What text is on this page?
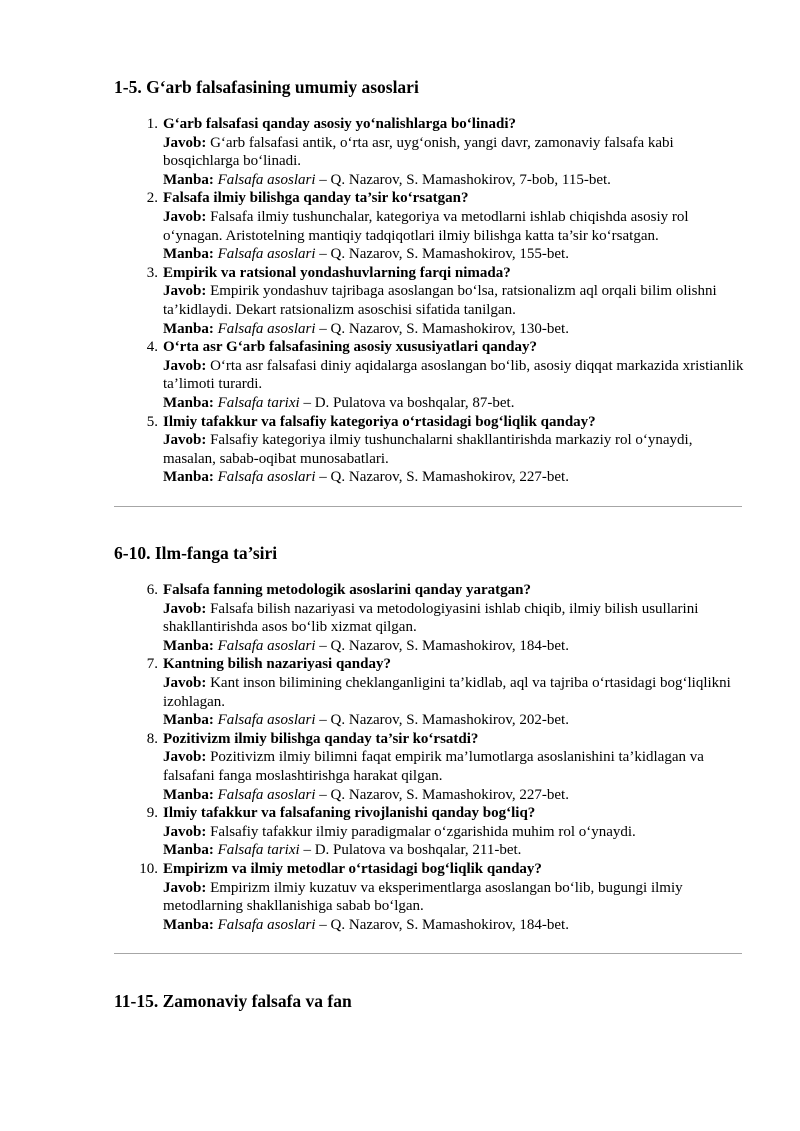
1-5. G‘arb falsafasining umumiy asoslari
1. G‘arb falsafasi qanday asosiy yo‘nalishlarga bo‘linadi?
Javob: G‘arb falsafasi antik, o‘rta asr, uyg‘onish, yangi davr, zamonaviy falsafa kabi bosqichlarga bo‘linadi.
Manba: Falsafa asoslari – Q. Nazarov, S. Mamashokirov, 7-bob, 115-bet.
2. Falsafa ilmiy bilishga qanday ta’sir ko‘rsatgan?
Javob: Falsafa ilmiy tushunchalar, kategoriya va metodlarni ishlab chiqishda asosiy rol o‘ynagan. Aristotelning mantiqiy tadqiqotlari ilmiy bilishga katta ta’sir ko‘rsatgan.
Manba: Falsafa asoslari – Q. Nazarov, S. Mamashokirov, 155-bet.
3. Empirik va ratsional yondashuvlarning farqi nimada?
Javob: Empirik yondashuv tajribaga asoslangan bo‘lsa, ratsionalizm aql orqali bilim olishni ta’kidlaydi. Dekart ratsionalizm asoschisi sifatida tanilgan.
Manba: Falsafa asoslari – Q. Nazarov, S. Mamashokirov, 130-bet.
4. O‘rta asr G‘arb falsafasining asosiy xususiyatlari qanday?
Javob: O‘rta asr falsafasi diniy aqidalarga asoslangan bo‘lib, asosiy diqqat markazida xristianlik ta’limoti turardi.
Manba: Falsafa tarixi – D. Pulatova va boshqalar, 87-bet.
5. Ilmiy tafakkur va falsafiy kategoriya o‘rtasidagi bog‘liqlik qanday?
Javob: Falsafiy kategoriya ilmiy tushunchalarni shakllantirishda markaziy rol o‘ynaydi, masalan, sabab-oqibat munosabatlari.
Manba: Falsafa asoslari – Q. Nazarov, S. Mamashokirov, 227-bet.
6-10. Ilm-fanga ta’siri
6. Falsafa fanning metodologik asoslarini qanday yaratgan?
Javob: Falsafa bilish nazariyasi va metodologiyasini ishlab chiqib, ilmiy bilish usullarini shakllantirishda asos bo‘lib xizmat qilgan.
Manba: Falsafa asoslari – Q. Nazarov, S. Mamashokirov, 184-bet.
7. Kantning bilish nazariyasi qanday?
Javob: Kant inson bilimining cheklanganligini ta’kidlab, aql va tajriba o‘rtasidagi bog‘liqlikni izohlagan.
Manba: Falsafa asoslari – Q. Nazarov, S. Mamashokirov, 202-bet.
8. Pozitivizm ilmiy bilishga qanday ta’sir ko‘rsatdi?
Javob: Pozitivizm ilmiy bilimni faqat empirik ma’lumotlarga asoslanishini ta’kidlagan va falsafani fanga moslashtirishga harakat qilgan.
Manba: Falsafa asoslari – Q. Nazarov, S. Mamashokirov, 227-bet.
9. Ilmiy tafakkur va falsafaning rivojlanishi qanday bog‘liq?
Javob: Falsafiy tafakkur ilmiy paradigmalar o‘zgarishida muhim rol o‘ynaydi.
Manba: Falsafa tarixi – D. Pulatova va boshqalar, 211-bet.
10. Empirizm va ilmiy metodlar o‘rtasidagi bog‘liqlik qanday?
Javob: Empirizm ilmiy kuzatuv va eksperimentlarga asoslangan bo‘lib, bugungi ilmiy metodlarning shakllanishiga sabab bo‘lgan.
Manba: Falsafa asoslari – Q. Nazarov, S. Mamashokirov, 184-bet.
11-15. Zamonaviy falsafa va fan
